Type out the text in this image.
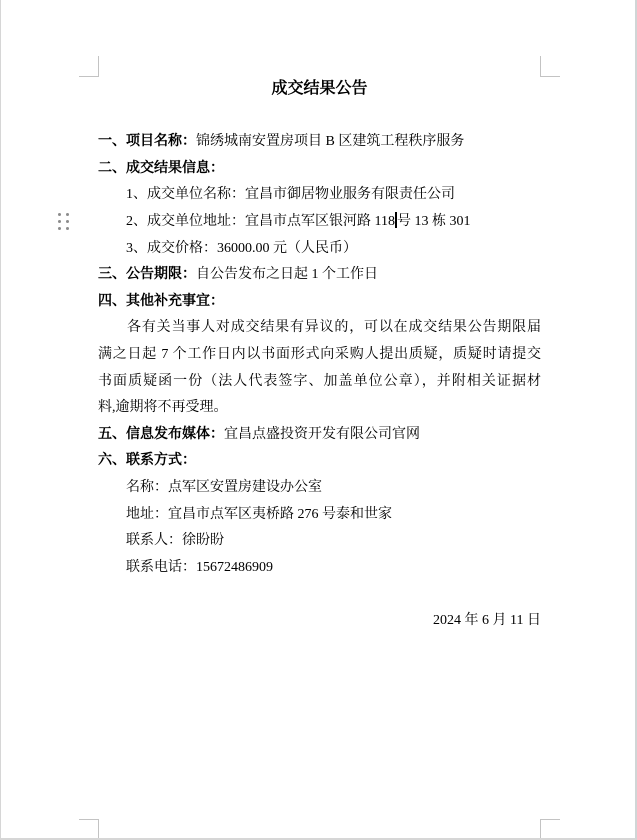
成交结果公告
一、项目名称：锦绣城南安置房项目 B 区建筑工程秩序服务
二、成交结果信息：
1、成交单位名称：宜昌市御居物业服务有限责任公司
2、成交单位地址：宜昌市点军区银河路 118 号 13 栋 301
3、成交价格：36000.00 元（人民币）
三、公告期限：自公告发布之日起 1 个工作日
四、其他补充事宜：
各有关当事人对成交结果有异议的，可以在成交结果公告期限届
满之日起 7 个工作日内以书面形式向采购人提出质疑，质疑时请提交
书面质疑函一份（法人代表签字、加盖单位公章），并附相关证据材
料,逾期将不再受理。
五、信息发布媒体：宜昌点盛投资开发有限公司官网
六、联系方式：
名称：点军区安置房建设办公室
地址：宜昌市点军区夷桥路 276 号泰和世家
联系人：徐盼盼
联系电话：15672486909
2024 年 6 月 11 日
